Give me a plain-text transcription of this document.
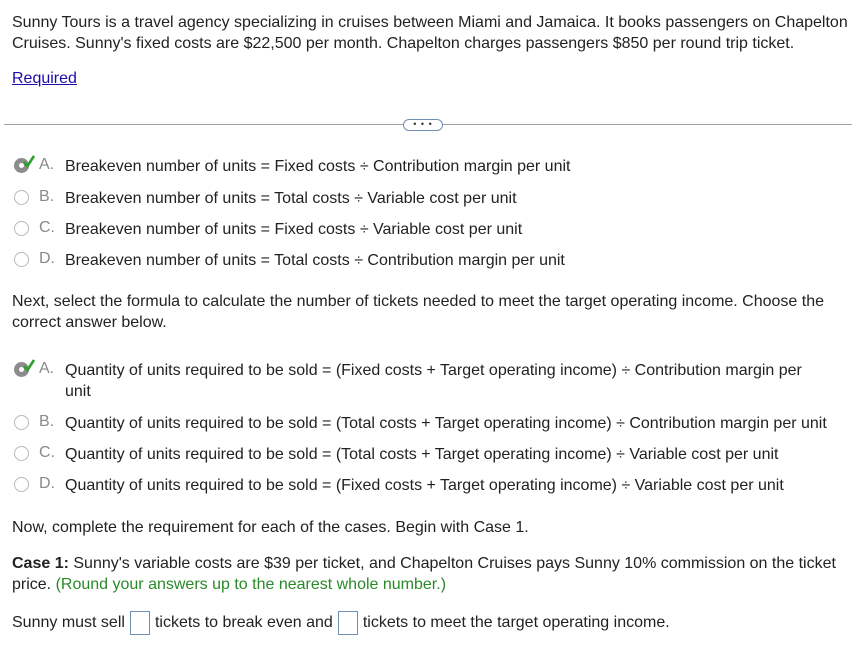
Sunny Tours is a travel agency specializing in cruises between Miami and Jamaica. It books passengers on Chapelton Cruises. Sunny's fixed costs are $22,500 per month. Chapelton charges passengers $850 per round trip ticket.
Required
• • •
A. Breakeven number of units = Fixed costs ÷ Contribution margin per unit
B. Breakeven number of units = Total costs ÷ Variable cost per unit
C. Breakeven number of units = Fixed costs ÷ Variable cost per unit
D. Breakeven number of units = Total costs ÷ Contribution margin per unit
Next, select the formula to calculate the number of tickets needed to meet the target operating income. Choose the correct answer below.
A. Quantity of units required to be sold = (Fixed costs + Target operating income) ÷ Contribution margin per unit
B. Quantity of units required to be sold = (Total costs + Target operating income) ÷ Contribution margin per unit
C. Quantity of units required to be sold = (Total costs + Target operating income) ÷ Variable cost per unit
D. Quantity of units required to be sold = (Fixed costs + Target operating income) ÷ Variable cost per unit
Now, complete the requirement for each of the cases. Begin with Case 1.
Case 1: Sunny's variable costs are $39 per ticket, and Chapelton Cruises pays Sunny 10% commission on the ticket price. (Round your answers up to the nearest whole number.)
Sunny must sell tickets to break even and tickets to meet the target operating income.
